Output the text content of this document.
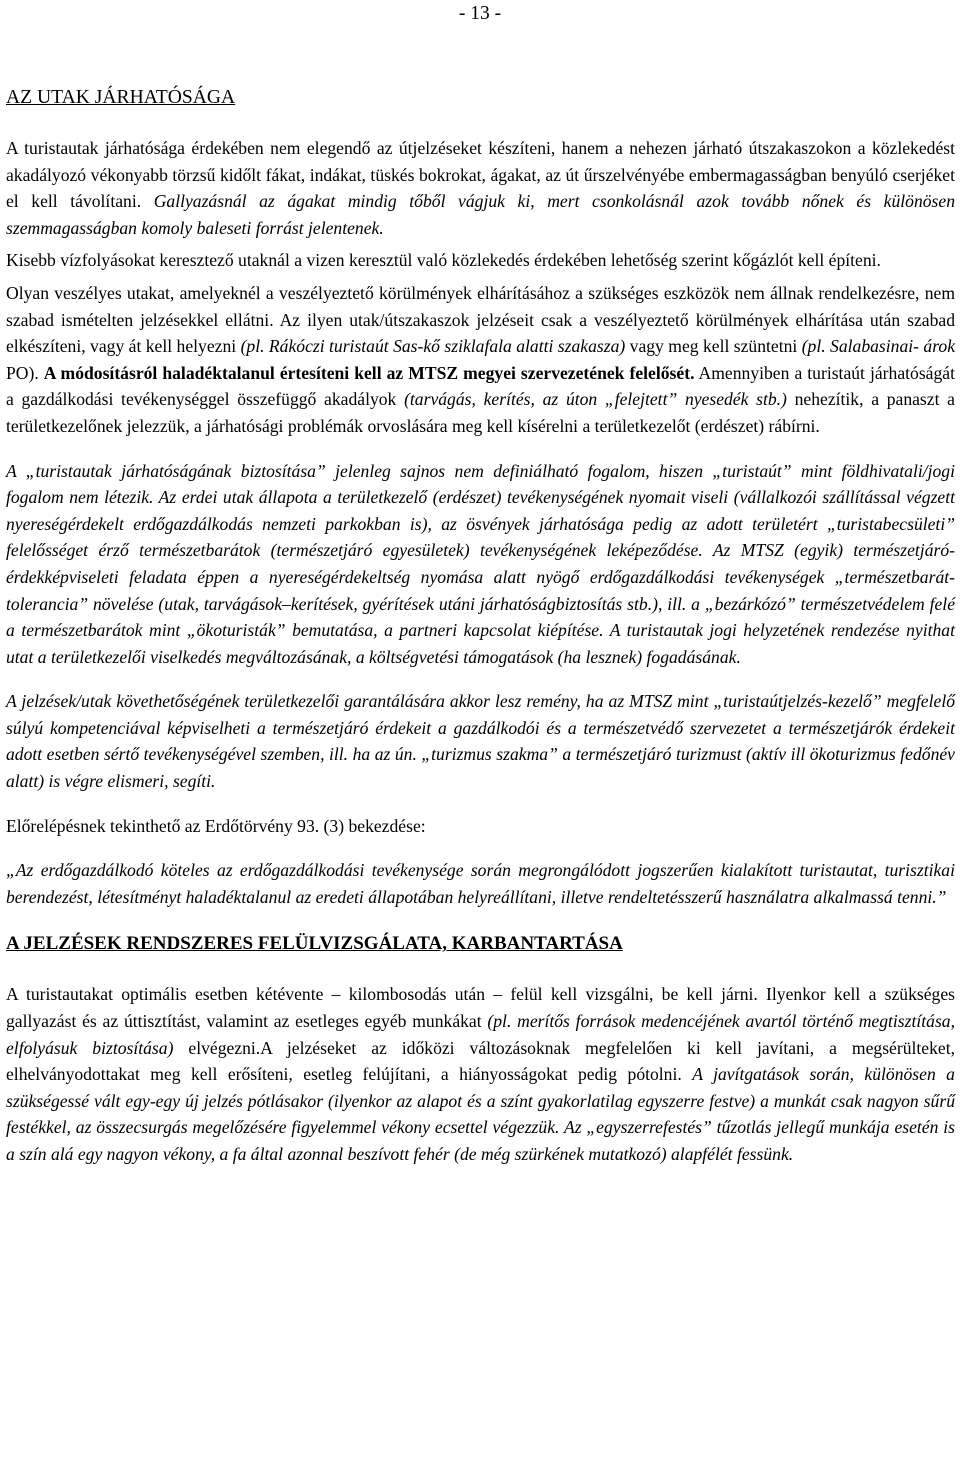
- 13 -
AZ UTAK JÁRHATÓSÁGA

A turistautak járhatósága érdekében nem elegendő az útjelzéseket készíteni, hanem a nehezen járható útszakaszokon a közlekedést akadályozó vékonyabb törzsű kidőlt fákat, indákat, tüskés bokrokat, ágakat, az út űrszelvényébe embermagasságban benyúló cserjéket el kell távolítani. Gallyazásnál az ágakat mindig tőből vágjuk ki, mert csonkolásnál azok tovább nőnek és különösen szemmagasságban komoly baleseti forrást jelentenek.

Kisebb vízfolyásokat keresztező utaknál a vizen keresztül való közlekedés érdekében lehetőség szerint kőgázlót kell építeni.

Olyan veszélyes utakat, amelyeknél a veszélyeztető körülmények elhárításához a szükséges eszközök nem állnak rendelkezésre, nem szabad ismételten jelzésekkel ellátni. Az ilyen utak/útszakaszok jelzéseit csak a veszélyeztető körülmények elhárítása után szabad elkészíteni, vagy át kell helyezni (pl. Rákóczi turistaút Sas-kő sziklafala alatti szakasza) vagy meg kell szüntetni (pl. Salabasinai- árok PO). A módosításról haladéktalanul értesíteni kell az MTSZ megyei szervezetének felelősét. Amennyiben a turistaút járhatóságát a gazdálkodási tevékenységgel összefüggő akadályok (tarvágás, kerítés, az úton „felejtett” nyesedék stb.) nehezítik, a panaszt a területkezelőnek jelezzük, a járhatósági problémák orvoslására meg kell kísérelni a területkezelőt (erdészet) rábírni.

A „turistautak járhatóságának biztosítása” jelenleg sajnos nem definiálható fogalom, hiszen „turistaút” mint földhivatali/jogi fogalom nem létezik. Az erdei utak állapota a területkezelő (erdészet) tevékenységének nyomait viseli (vállalkozói szállítással végzett nyereségérdekelt erdőgazdálkodás nemzeti parkokban is), az ösvények járhatósága pedig az adott területért „turistabecsületi” felelősséget érző természetbarátok (természetjáró egyesületek) tevékenységének leképeződése. Az MTSZ (egyik) természetjáró-érdekképviseleti feladata éppen a nyereségérdekeltség nyomása alatt nyögő erdőgazdálkodási tevékenységek „természetbarát-tolerancia” növelése (utak, tarvágások–kerítések, gyérítések utáni járhatóságbiztosítás stb.), ill. a „bezárkózó” természetvédelem felé a természetbarátok mint „ökoturisták” bemutatása, a partneri kapcsolat kiépítése. A turistautak jogi helyzetének rendezése nyithat utat a területkezelői viselkedés megváltozásának, a költségvetési támogatások (ha lesznek) fogadásának.

A jelzések/utak követhetőségének területkezelői garantálására akkor lesz remény, ha az MTSZ mint „turistaútjelzés-kezelő” megfelelő súlyú kompetenciával képviselheti a természetjáró érdekeit a gazdálkodói és a természetvédő szervezetet a természetjárók érdekeit adott esetben sértő tevékenységével szemben, ill. ha az ún. „turizmus szakma” a természetjáró turizmust (aktív ill ökoturizmus fedőnév alatt) is végre elismeri, segíti.

Előrelépésnek tekinthető az Erdőtörvény 93. (3) bekezdése:

„Az erdőgazdálkodó köteles az erdőgazdálkodási tevékenysége során megrongálódott jogszerűen kialakított turistautat, turisztikai berendezést, létesítményt haladéktalanul az eredeti állapotában helyreállítani, illetve rendeltetésszerű használatra alkalmassá tenni.”

A JELZÉSEK RENDSZERES FELÜLVIZSGÁLATA, KARBANTARTÁSA

A turistautakat optimális esetben kétévente – kilombosodás után – felül kell vizsgálni, be kell járni. Ilyenkor kell a szükséges gallyazást és az úttisztítást, valamint az esetleges egyéb munkákat (pl. merítős források medencéjének avartól történő megtisztítása, elfolyásuk biztosítása) elvégezni.A jelzéseket az időközi változásoknak megfelelően ki kell javítani, a megsérülteket, elhelványodottakat meg kell erősíteni, esetleg felújítani, a hiányosságokat pedig pótolni. A javítgatások során, különösen a szükségessé vált egy-egy új jelzés pótlásakor (ilyenkor az alapot és a színt gyakorlatilag egyszerre festve) a munkát csak nagyon sűrű festékkel, az összecsurgás megelőzésére figyelemmel vékony ecsettel végezzük. Az „egyszerrefestés” tűzotlás jellegű munkája esetén is a szín alá egy nagyon vékony, a fa által azonnal beszívott fehér (de még szürkének mutatkozó) alapfélét fessünk.
